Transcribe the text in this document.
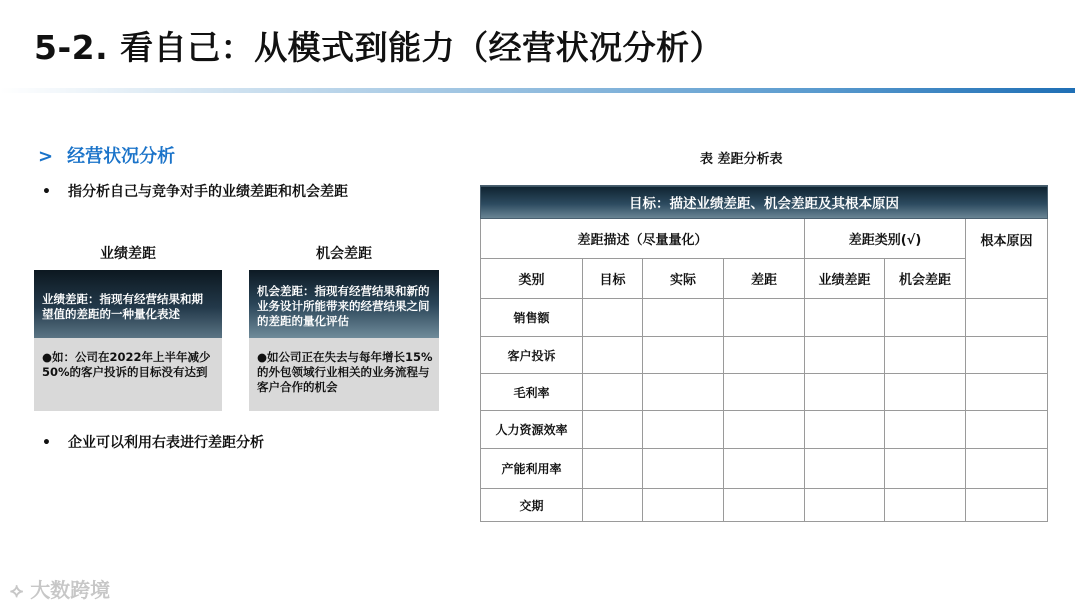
5-2. 看自己：从模式到能力（经营状况分析）
> 经营状况分析
• 指分析自己与竞争对手的业绩差距和机会差距
业绩差距	机会差距
业绩差距：指现有经营结果和期望值的差距的一种量化表述
●如：公司在2022年上半年减少50%的客户投诉的目标没有达到
机会差距：指现有经营结果和新的业务设计所能带来的经营结果之间的差距的量化评估
●如公司正在失去与每年增长15%的外包领域行业相关的业务流程与客户合作的机会
• 企业可以利用右表进行差距分析
表 差距分析表
目标：描述业绩差距、机会差距及其根本原因						
差距描述（尽量量化）				差距类别(√)		根本原因
类别	目标	实际	差距	业绩差距	机会差距	
销售额						
客户投诉						
毛利率						
人力资源效率						
产能利用率						
交期						
⟡ 大数跨境
